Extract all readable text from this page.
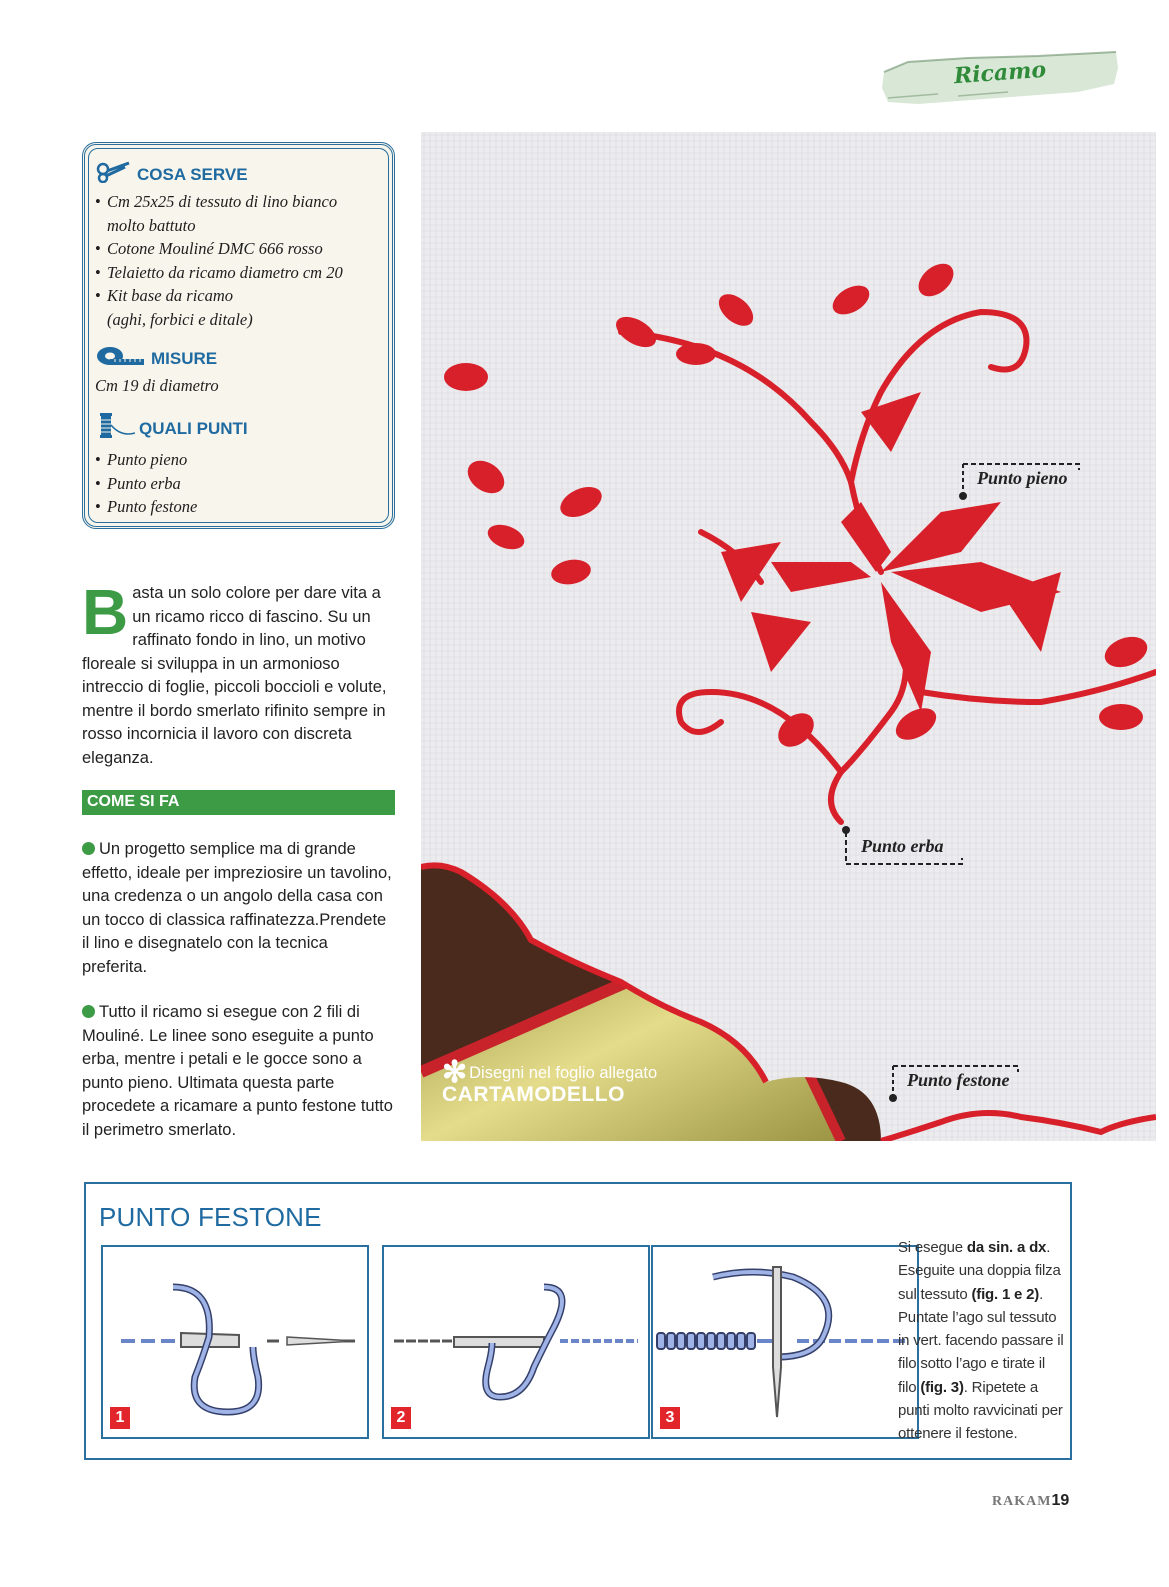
Ricamo
COSA SERVE
• Cm 25x25 di tessuto di lino bianco
molto battuto
• Cotone Mouliné DMC 666 rosso
• Telaietto da ricamo diametro cm 20
• Kit base da ricamo
(aghi, forbici e ditale)
MISURE
Cm 19 di diametro
QUALI PUNTI
• Punto pieno
• Punto erba
• Punto festone
B asta un solo colore per dare vita a un ricamo ricco di fascino. Su un raffinato fondo in lino, un motivo floreale si sviluppa in un armonioso intreccio di foglie, piccoli boccioli e volute, mentre il bordo smerlato rifinito sempre in rosso incornicia il lavoro con discreta eleganza.
COME SI FA
Un progetto semplice ma di grande effetto, ideale per impreziosire un tavolino, una credenza o un angolo della casa con un tocco di classica raffinatezza.Prendete il lino e disegnatelo con la tecnica preferita.
Tutto il ricamo si esegue con 2 fili di Mouliné. Le linee sono eseguite a punto erba, mentre i petali e le gocce sono a punto pieno. Ultimata questa parte procedete a ricamare a punto festone tutto il perimetro smerlato.
Punto pieno
Punto erba
Punto festone
✻ Disegni nel foglio allegato
CARTAMODELLO
PUNTO FESTONE
1	2	3
Si esegue da sin. a dx. Eseguite una doppia filza sul tessuto (fig. 1 e 2). Puntate l’ago sul tessuto in vert. facendo passare il filo sotto l’ago e tirate il filo (fig. 3). Ripetete a punti molto ravvicinati per ottenere il festone.
RAKAM19
